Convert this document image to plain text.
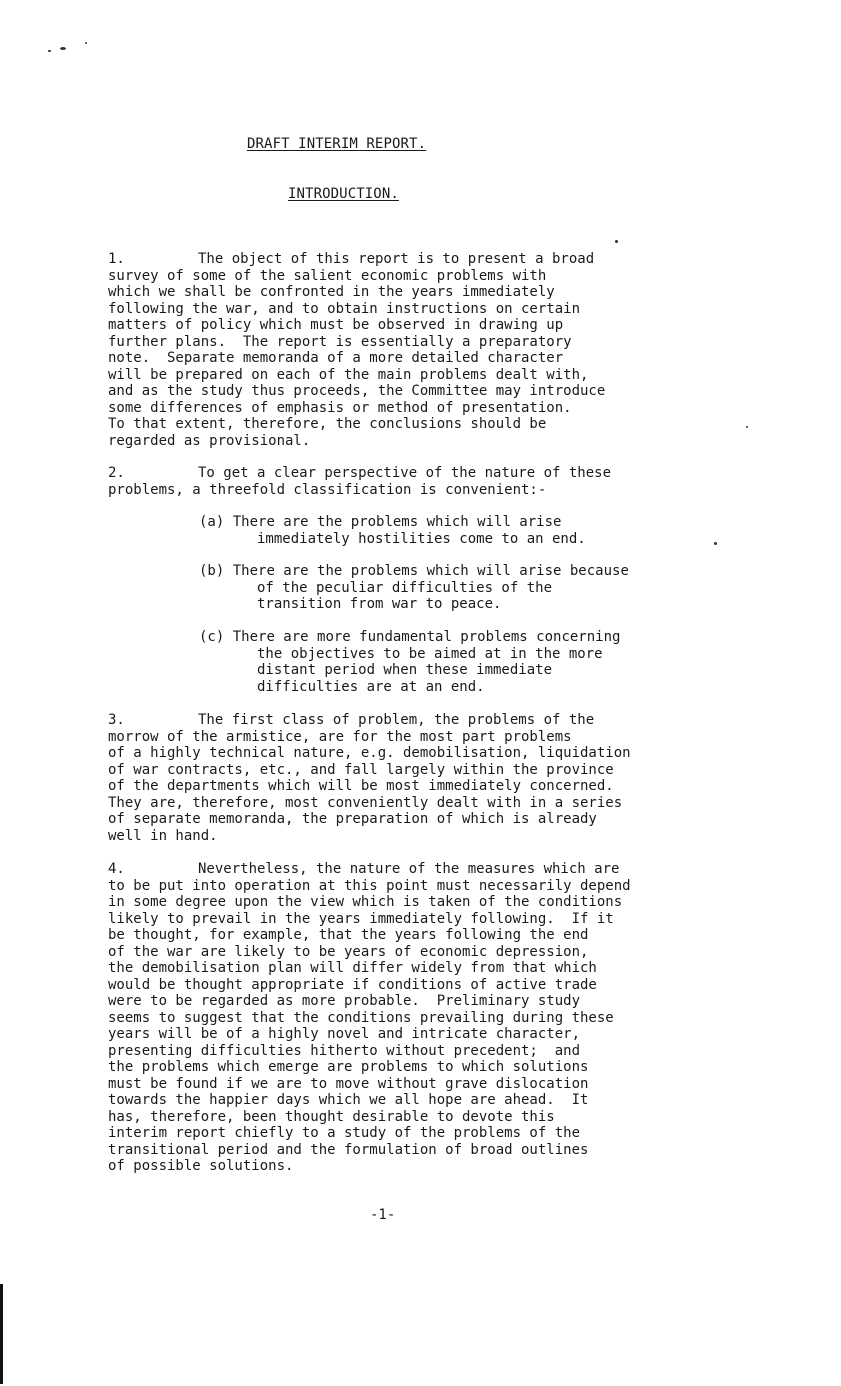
DRAFT INTERIM REPORT.
INTRODUCTION.
1.	The object of this report is to present a broad
survey of some of the salient economic problems with
which we shall be confronted in the years immediately
following the war, and to obtain instructions on certain
matters of policy which must be observed in drawing up
further plans.  The report is essentially a preparatory
note.  Separate memoranda of a more detailed character
will be prepared on each of the main problems dealt with,
and as the study thus proceeds, the Committee may introduce
some differences of emphasis or method of presentation.
To that extent, therefore, the conclusions should be
regarded as provisional.
2.	To get a clear perspective of the nature of these
problems, a threefold classification is convenient:-
(a) There are the problems which will arise
immediately hostilities come to an end.
(b) There are the problems which will arise because
of the peculiar difficulties of the
transition from war to peace.
(c) There are more fundamental problems concerning
the objectives to be aimed at in the more
distant period when these immediate
difficulties are at an end.
3.	The first class of problem, the problems of the
morrow of the armistice, are for the most part problems
of a highly technical nature, e.g. demobilisation, liquidation
of war contracts, etc., and fall largely within the province
of the departments which will be most immediately concerned.
They are, therefore, most conveniently dealt with in a series
of separate memoranda, the preparation of which is already
well in hand.
4.	Nevertheless, the nature of the measures which are
to be put into operation at this point must necessarily depend
in some degree upon the view which is taken of the conditions
likely to prevail in the years immediately following.  If it
be thought, for example, that the years following the end
of the war are likely to be years of economic depression,
the demobilisation plan will differ widely from that which
would be thought appropriate if conditions of active trade
were to be regarded as more probable.  Preliminary study
seems to suggest that the conditions prevailing during these
years will be of a highly novel and intricate character,
presenting difficulties hitherto without precedent;  and
the problems which emerge are problems to which solutions
must be found if we are to move without grave dislocation
towards the happier days which we all hope are ahead.  It
has, therefore, been thought desirable to devote this
interim report chiefly to a study of the problems of the
transitional period and the formulation of broad outlines
of possible solutions.
-1-
